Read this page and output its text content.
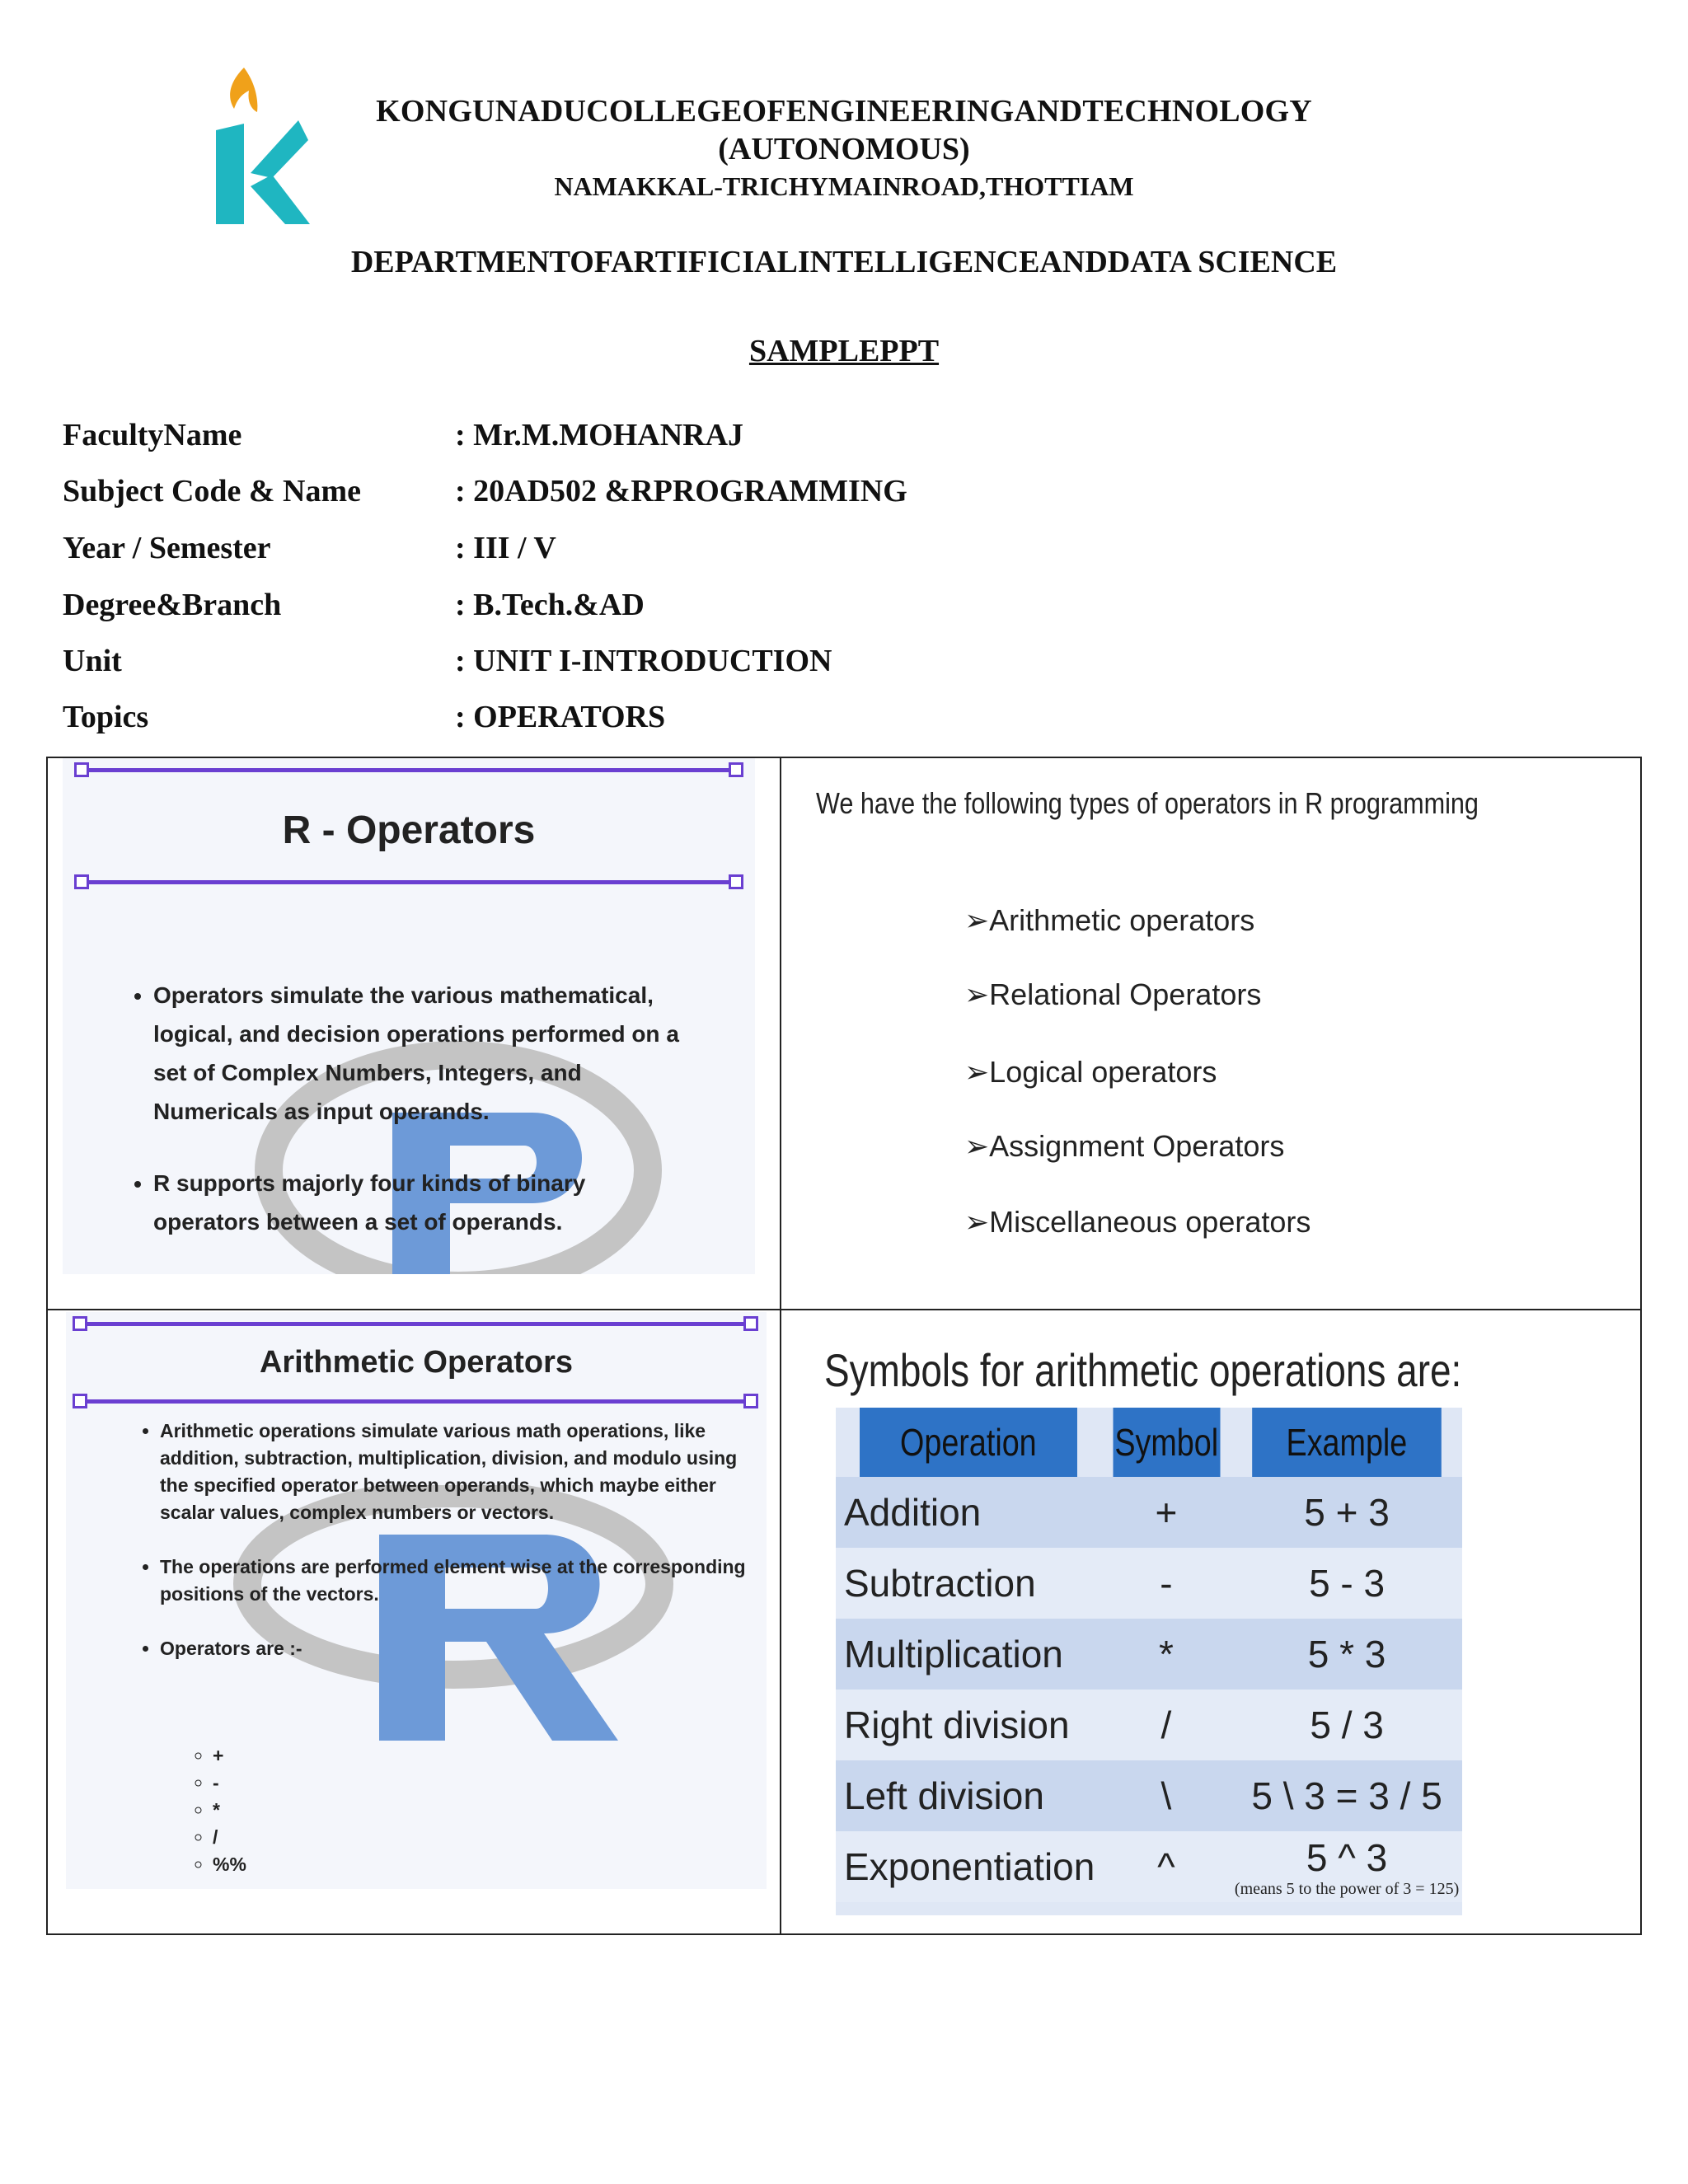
KONGUNADUCOLLEGEOFENGINEERINGANDTECHNOLOGY
(AUTONOMOUS)
NAMAKKAL-TRICHYMAINROAD,THOTTIAM
DEPARTMENTOFARTIFICIALINTELLIGENCEANDDATA SCIENCE
SAMPLEPPT
FacultyName	: Mr.M.MOHANRAJ
Subject Code & Name	: 20AD502 &RPROGRAMMING
Year / Semester	: III / V
Degree&Branch	: B.Tech.&AD
Unit	: UNIT I-INTRODUCTION
Topics	: OPERATORS
R - Operators
• Operators simulate the various mathematical, logical, and decision operations performed on a set of Complex Numbers, Integers, and Numericals as input operands.
• R supports majorly four kinds of binary operators between a set of operands.
We have the following types of operators in R programming
➢Arithmetic operators
➢Relational Operators
➢Logical operators
➢Assignment Operators
➢Miscellaneous operators
Arithmetic Operators
• Arithmetic operations simulate various math operations, like addition, subtraction, multiplication, division, and modulo using the specified operator between operands, which maybe either scalar values, complex numbers or vectors.
• The operations are performed element wise at the corresponding positions of the vectors.
• Operators are :-
◦ +
◦ -
◦ *
◦ /
◦ %%
Symbols for arithmetic operations are:
Operation	Symbol	Example
Addition	+	5 + 3
Subtraction	-	5 - 3
Multiplication	*	5 * 3
Right division	/	5 / 3
Left division	\	5 \ 3 = 3 / 5
Exponentiation	^	5 ^ 3
(means 5 to the power of 3 = 125)
